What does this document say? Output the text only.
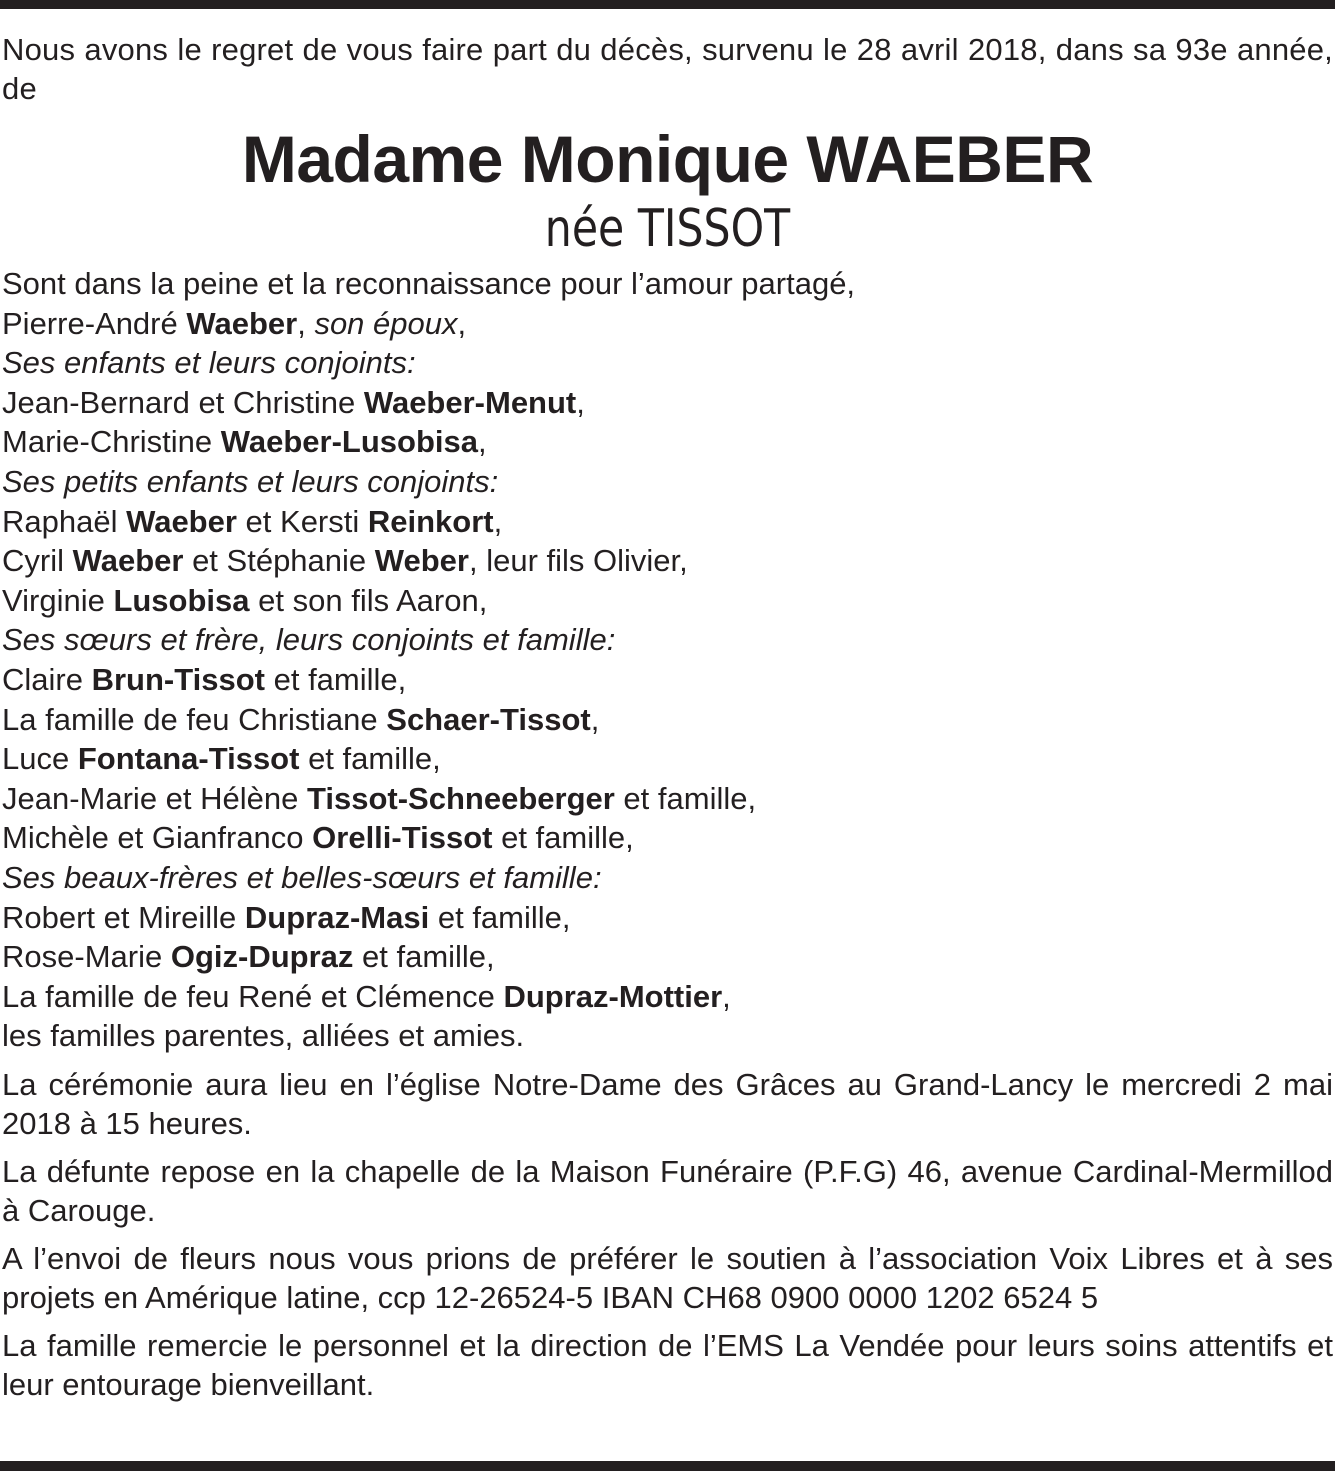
Nous avons le regret de vous faire part du décès, survenu le 28 avril 2018, dans sa 93e année, de
Madame Monique WAEBER
née TISSOT
Sont dans la peine et la reconnaissance pour l’amour partagé,
Pierre-André Waeber, son époux,
Ses enfants et leurs conjoints:
Jean-Bernard et Christine Waeber-Menut,
Marie-Christine Waeber-Lusobisa,
Ses petits enfants et leurs conjoints:
Raphaël Waeber et Kersti Reinkort,
Cyril Waeber et Stéphanie Weber, leur fils Olivier,
Virginie Lusobisa et son fils Aaron,
Ses sœurs et frère, leurs conjoints et famille:
Claire Brun-Tissot et famille,
La famille de feu Christiane Schaer-Tissot,
Luce Fontana-Tissot et famille,
Jean-Marie et Hélène Tissot-Schneeberger et famille,
Michèle et Gianfranco Orelli-Tissot et famille,
Ses beaux-frères et belles-sœurs et famille:
Robert et Mireille Dupraz-Masi et famille,
Rose-Marie Ogiz-Dupraz et famille,
La famille de feu René et Clémence Dupraz-Mottier,
les familles parentes, alliées et amies.
La cérémonie aura lieu en l’église Notre-Dame des Grâces au Grand-Lancy le mercredi 2 mai 2018 à 15 heures.
La défunte repose en la chapelle de la Maison Funéraire (P.F.G) 46, avenue Cardinal-Mermillod à Carouge.
A l’envoi de fleurs nous vous prions de préférer le soutien à l’association Voix Libres et à ses projets en Amérique latine, ccp 12-26524-5 IBAN CH68 0900 0000 1202 6524 5
La famille remercie le personnel et la direction de l’EMS La Vendée pour leurs soins attentifs et leur entourage bienveillant.
